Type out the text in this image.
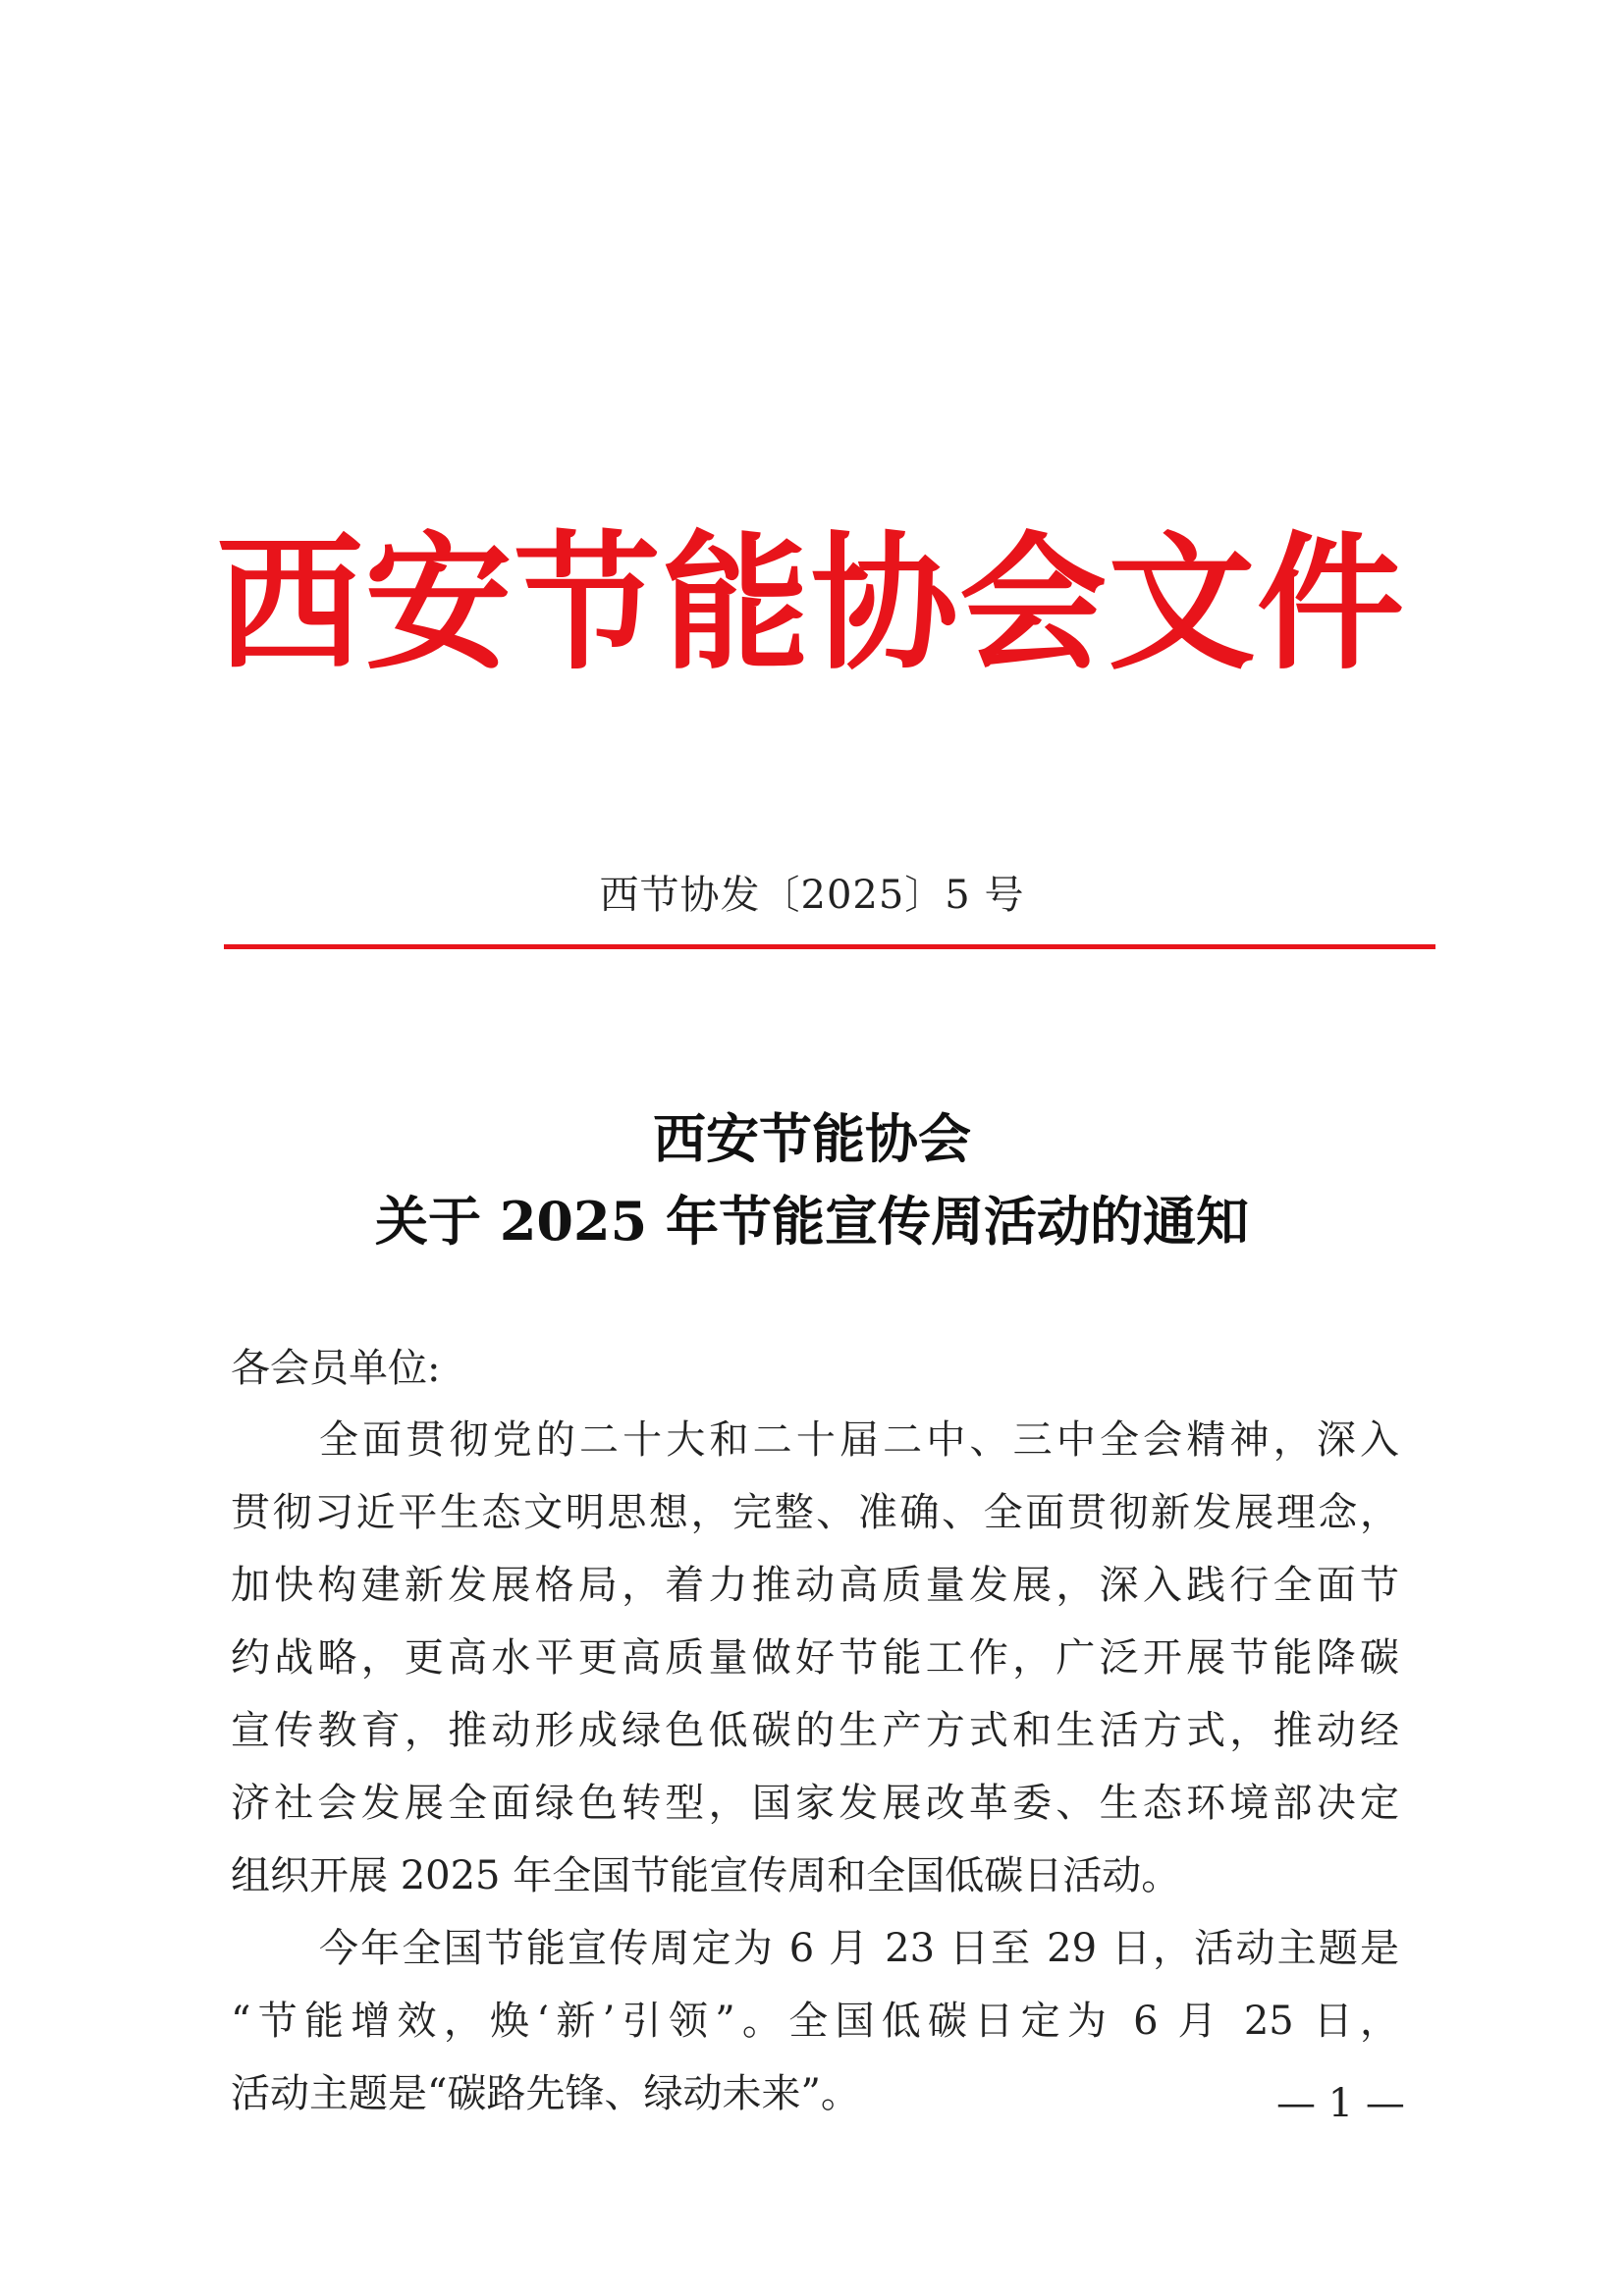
西 安 节 能 协 会 文 件
西节协发〔2025〕5 号
西安节能协会
关于 2025 年节能宣传周活动的通知
各会员单位:
全面贯彻党的二十大和二十届二中、三中全会精神，深入
贯彻习近平生态文明思想，完整、准确、全面贯彻新发展理念，
加快构建新发展格局，着力推动高质量发展，深入践行全面节
约战略，更高水平更高质量做好节能工作，广泛开展节能降碳
宣传教育，推动形成绿色低碳的生产方式和生活方式，推动经
济社会发展全面绿色转型，国家发展改革委、生态环境部决定
组织开展 2025 年全国节能宣传周和全国低碳日活动。
今年全国节能宣传周定为 6 月 23 日至 29 日，活动主题是
“节能增效，焕‘新’引领”。全国低碳日定为 6 月 25 日，
活动主题是“碳路先锋、绿动未来”。	— 1 —
